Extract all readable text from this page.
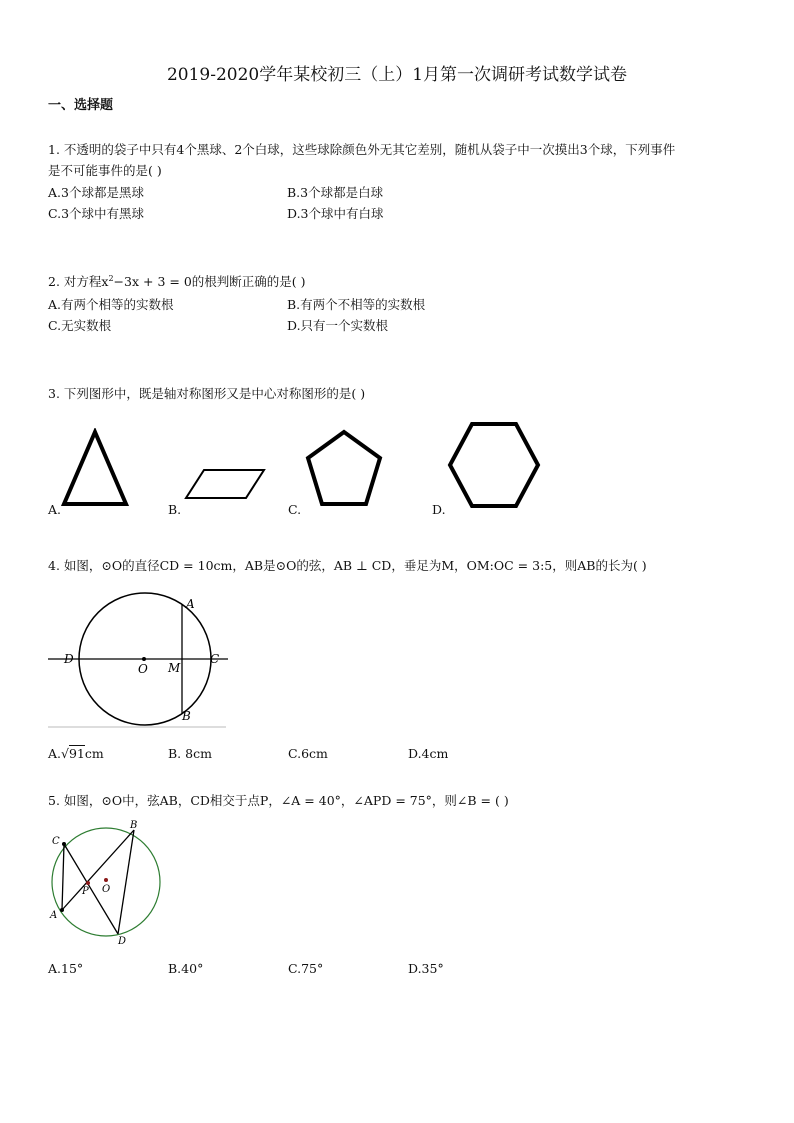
2019-2020学年某校初三（上）1月第一次调研考试数学试卷
一、选择题
1. 不透明的袋子中只有4个黑球、2个白球，这些球除颜色外无其它差别，随机从袋子中一次摸出3个球，下列事件
是不可能事件的是( )
A.3个球都是黑球	B.3个球都是白球
C.3个球中有黑球	D.3个球中有白球
2. 对方程$x^2-3x + 3 = 0$的根判断正确的是( )
A.有两个相等的实数根	B.有两个不相等的实数根
C.无实数根	D.只有一个实数根
3. 下列图形中，既是轴对称图形又是中心对称图形的是( )
A.	B.	C.	D.
4. 如图，⊙O的直径CD = 10cm，AB是⊙O的弦，AB ⊥ CD，垂足为M，OM:OC = 3:5，则AB的长为( )
D	C
O M
A
B
A.√91cm	B. 8cm	C.6cm	D.4cm
5. 如图，⊙O中，弦AB，CD相交于点P，∠A = 40°，∠APD = 75°，则∠B = ( )
C
A
B
D
P O
A.15°	B.40°	C.75°	D.35°
